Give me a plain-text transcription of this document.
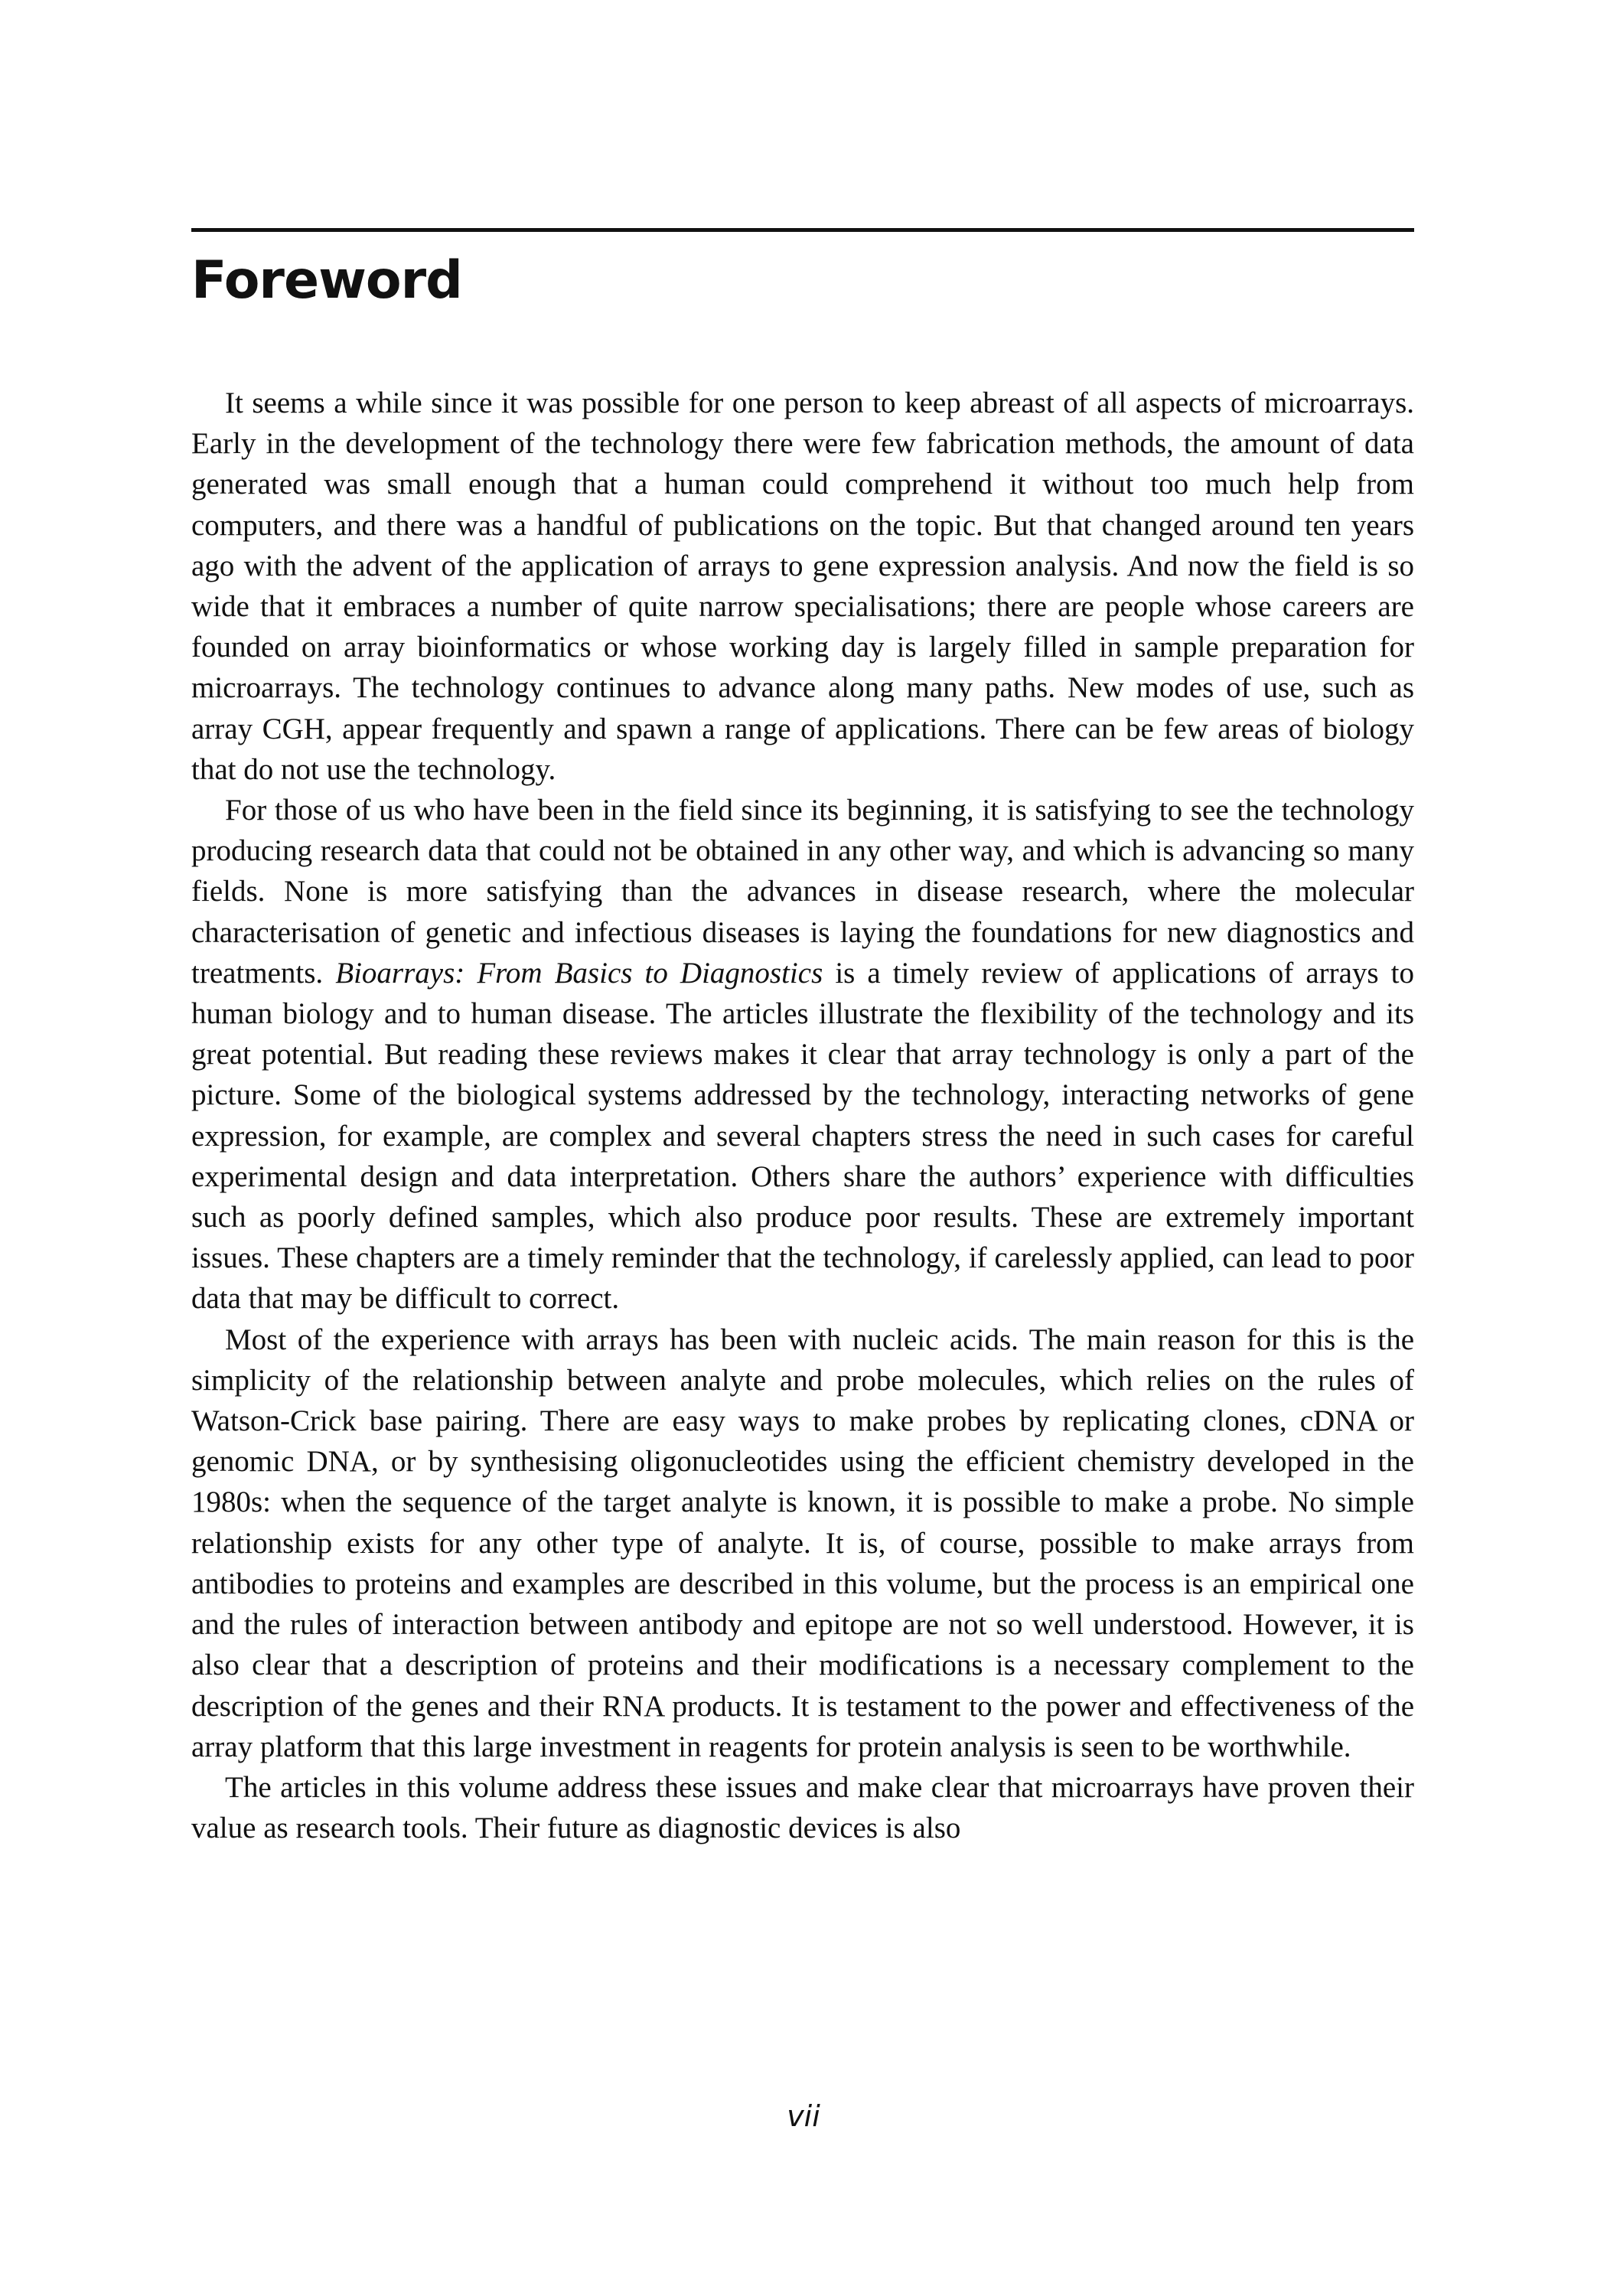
Foreword

It seems a while since it was possible for one person to keep abreast of all aspects of microarrays. Early in the development of the technology there were few fabrication methods, the amount of data generated was small enough that a human could comprehend it without too much help from computers, and there was a handful of publications on the topic. But that changed around ten years ago with the advent of the application of arrays to gene expression analysis. And now the field is so wide that it embraces a number of quite narrow specialisations; there are people whose careers are founded on array bioinformatics or whose working day is largely filled in sample preparation for microarrays. The technology continues to advance along many paths. New modes of use, such as array CGH, appear frequently and spawn a range of applications. There can be few areas of biology that do not use the technology.

For those of us who have been in the field since its beginning, it is satisfying to see the technology producing research data that could not be obtained in any other way, and which is advancing so many fields. None is more satisfying than the advances in disease research, where the molecular characterisation of genetic and infectious diseases is laying the foundations for new diagnostics and treatments. Bioarrays: From Basics to Diagnostics is a timely review of applications of arrays to human biology and to human disease. The articles illustrate the flexibility of the technology and its great potential. But reading these reviews makes it clear that array technology is only a part of the picture. Some of the biological systems addressed by the technology, interacting networks of gene expression, for example, are complex and several chapters stress the need in such cases for careful experimental design and data interpretation. Others share the authors’ experience with difficulties such as poorly defined samples, which also produce poor results. These are extremely important issues. These chapters are a timely reminder that the technology, if carelessly applied, can lead to poor data that may be difficult to correct.

Most of the experience with arrays has been with nucleic acids. The main reason for this is the simplicity of the relationship between analyte and probe molecules, which relies on the rules of Watson-Crick base pairing. There are easy ways to make probes by replicating clones, cDNA or genomic DNA, or by synthesising oligonucleotides using the efficient chemistry developed in the 1980s: when the sequence of the target analyte is known, it is possible to make a probe. No simple relationship exists for any other type of analyte. It is, of course, possible to make arrays from antibodies to proteins and examples are described in this volume, but the process is an empirical one and the rules of interaction between antibody and epitope are not so well understood. However, it is also clear that a description of proteins and their modifications is a necessary complement to the description of the genes and their RNA products. It is testament to the power and effectiveness of the array platform that this large investment in reagents for protein analysis is seen to be worthwhile.

The articles in this volume address these issues and make clear that microarrays have proven their value as research tools. Their future as diagnostic devices is also

vii
